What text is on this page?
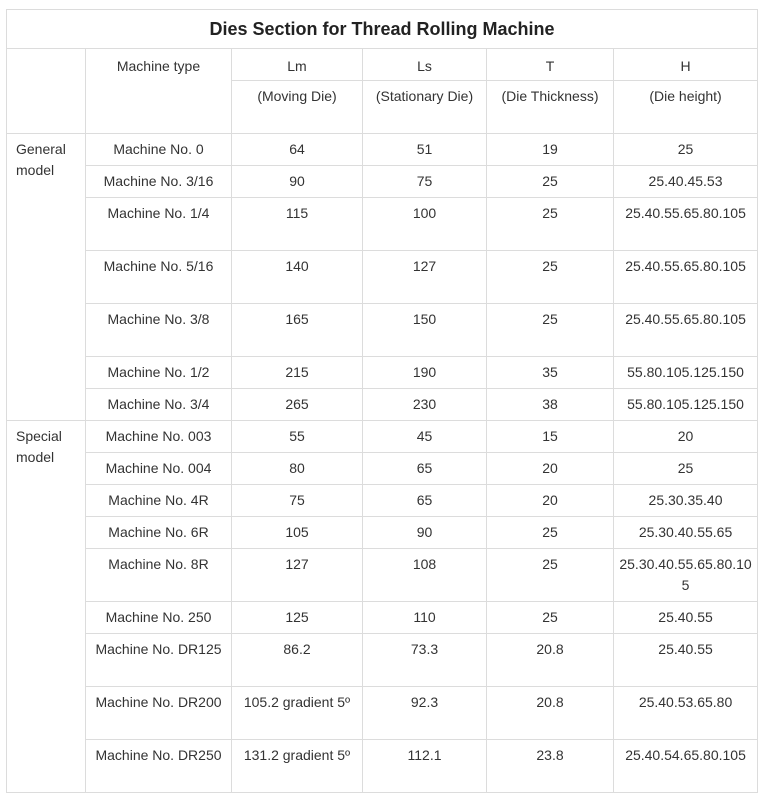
Dies Section for Thread Rolling Machine					
	Machine type	Lm	Ls	T	H
		(Moving Die)	(Stationary Die)	(Die Thickness)	(Die height)
General model	Machine No. 0	64	51	19	25
	Machine No. 3/16	90	75	25	25.40.45.53
	Machine No. 1/4	115	100	25	25.40.55.65.80.105
	Machine No. 5/16	140	127	25	25.40.55.65.80.105
	Machine No. 3/8	165	150	25	25.40.55.65.80.105
	Machine No. 1/2	215	190	35	55.80.105.125.150
	Machine No. 3/4	265	230	38	55.80.105.125.150
Special model	Machine No. 003	55	45	15	20
	Machine No. 004	80	65	20	25
	Machine No. 4R	75	65	20	25.30.35.40
	Machine No. 6R	105	90	25	25.30.40.55.65
	Machine No. 8R	127	108	25	25.30.40.55.65.80.105
	Machine No. 250	125	110	25	25.40.55
	Machine No. DR125	86.2	73.3	20.8	25.40.55
	Machine No. DR200	105.2 gradient 5º	92.3	20.8	25.40.53.65.80
	Machine No. DR250	131.2 gradient 5º	112.1	23.8	25.40.54.65.80.105
